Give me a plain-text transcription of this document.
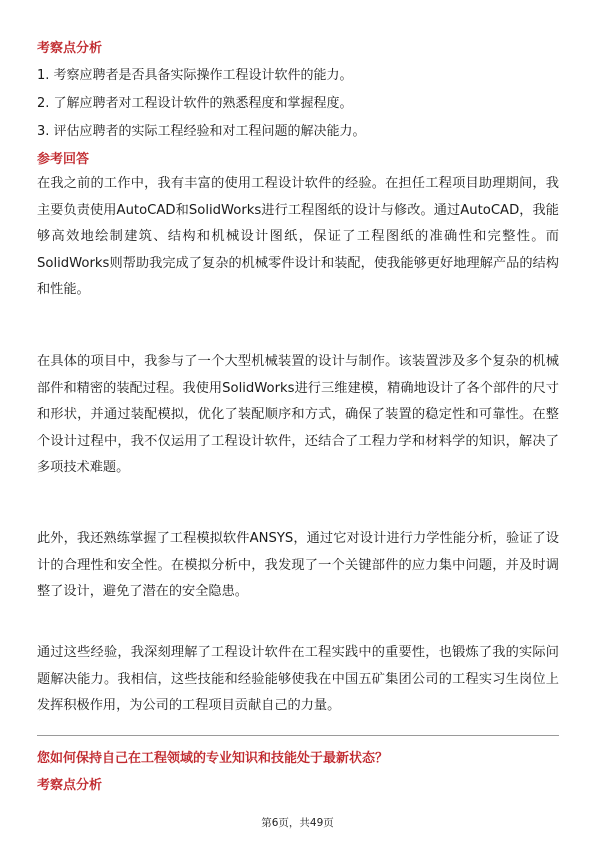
考察点分析
1. 考察应聘者是否具备实际操作工程设计软件的能力。
2. 了解应聘者对工程设计软件的熟悉程度和掌握程度。
3. 评估应聘者的实际工程经验和对工程问题的解决能力。
参考回答
在我之前的工作中，我有丰富的使用工程设计软件的经验。在担任工程项目助理期间，我主要负责使用AutoCAD和SolidWorks进行工程图纸的设计与修改。通过AutoCAD，我能够高效地绘制建筑、结构和机械设计图纸，保证了工程图纸的准确性和完整性。而SolidWorks则帮助我完成了复杂的机械零件设计和装配，使我能够更好地理解产品的结构和性能。
在具体的项目中，我参与了一个大型机械装置的设计与制作。该装置涉及多个复杂的机械部件和精密的装配过程。我使用SolidWorks进行三维建模，精确地设计了各个部件的尺寸和形状，并通过装配模拟，优化了装配顺序和方式，确保了装置的稳定性和可靠性。在整个设计过程中，我不仅运用了工程设计软件，还结合了工程力学和材料学的知识，解决了多项技术难题。
此外，我还熟练掌握了工程模拟软件ANSYS，通过它对设计进行力学性能分析，验证了设计的合理性和安全性。在模拟分析中，我发现了一个关键部件的应力集中问题，并及时调整了设计，避免了潜在的安全隐患。
通过这些经验，我深刻理解了工程设计软件在工程实践中的重要性，也锻炼了我的实际问题解决能力。我相信，这些技能和经验能够使我在中国五矿集团公司的工程实习生岗位上发挥积极作用，为公司的工程项目贡献自己的力量。
您如何保持自己在工程领域的专业知识和技能处于最新状态？
考察点分析
第6页，共49页
